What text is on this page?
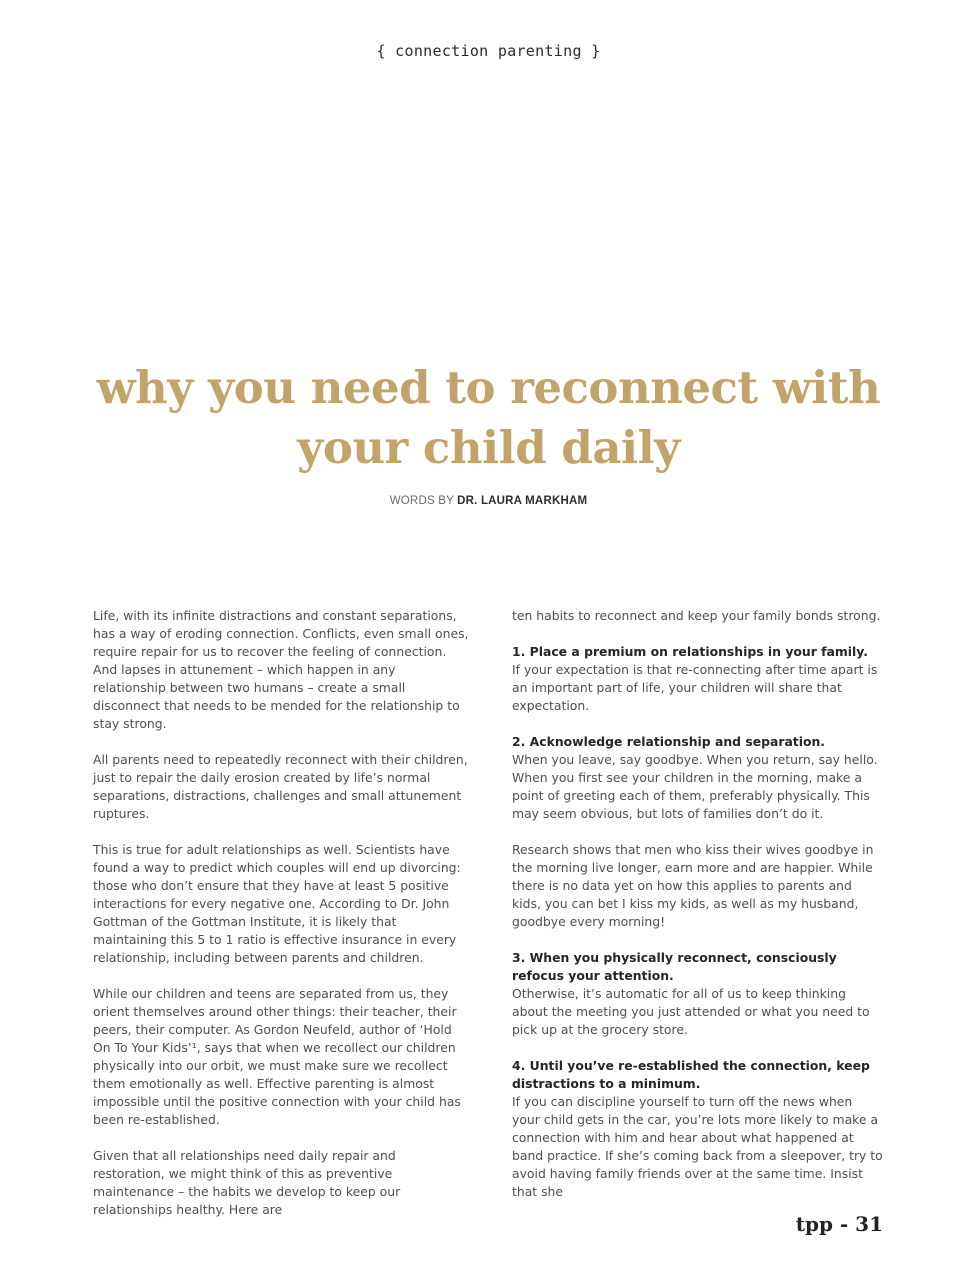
{ connection parenting }
why you need to reconnect with
your child daily
WORDS BY DR. LAURA MARKHAM

Life, with its infinite distractions and constant separations, has a way of eroding connection. Conflicts, even small ones, require repair for us to recover the feeling of connection. And lapses in attunement – which happen in any relationship between two humans – create a small disconnect that needs to be mended for the relationship to stay strong.

All parents need to repeatedly reconnect with their children, just to repair the daily erosion created by life’s normal separations, distractions, challenges and small attunement ruptures.

This is true for adult relationships as well. Scientists have found a way to predict which couples will end up divorcing: those who don’t ensure that they have at least 5 positive interactions for every negative one. According to Dr. John Gottman of the Gottman Institute, it is likely that maintaining this 5 to 1 ratio is effective insurance in every relationship, including between parents and children.

While our children and teens are separated from us, they orient themselves around other things: their teacher, their peers, their computer. As Gordon Neufeld, author of ‘Hold On To Your Kids’¹, says that when we recollect our children physically into our orbit, we must make sure we recollect them emotionally as well. Effective parenting is almost impossible until the positive connection with your child has been re-established.

Given that all relationships need daily repair and restoration, we might think of this as preventive maintenance – the habits we develop to keep our relationships healthy. Here are

ten habits to reconnect and keep your family bonds strong.

1. Place a premium on relationships in your family.

If your expectation is that re-connecting after time apart is an important part of life, your children will share that expectation.

2. Acknowledge relationship and separation.

When you leave, say goodbye. When you return, say hello. When you first see your children in the morning, make a point of greeting each of them, preferably physically. This may seem obvious, but lots of families don’t do it.

Research shows that men who kiss their wives goodbye in the morning live longer, earn more and are happier. While there is no data yet on how this applies to parents and kids, you can bet I kiss my kids, as well as my husband, goodbye every morning!

3. When you physically reconnect, consciously refocus your attention.

Otherwise, it’s automatic for all of us to keep thinking about the meeting you just attended or what you need to pick up at the grocery store.

4. Until you’ve re-established the connection, keep distractions to a minimum.

If you can discipline yourself to turn off the news when your child gets in the car, you’re lots more likely to make a connection with him and hear about what happened at band practice. If she’s coming back from a sleepover, try to avoid having family friends over at the same time. Insist that she

tpp - 31
